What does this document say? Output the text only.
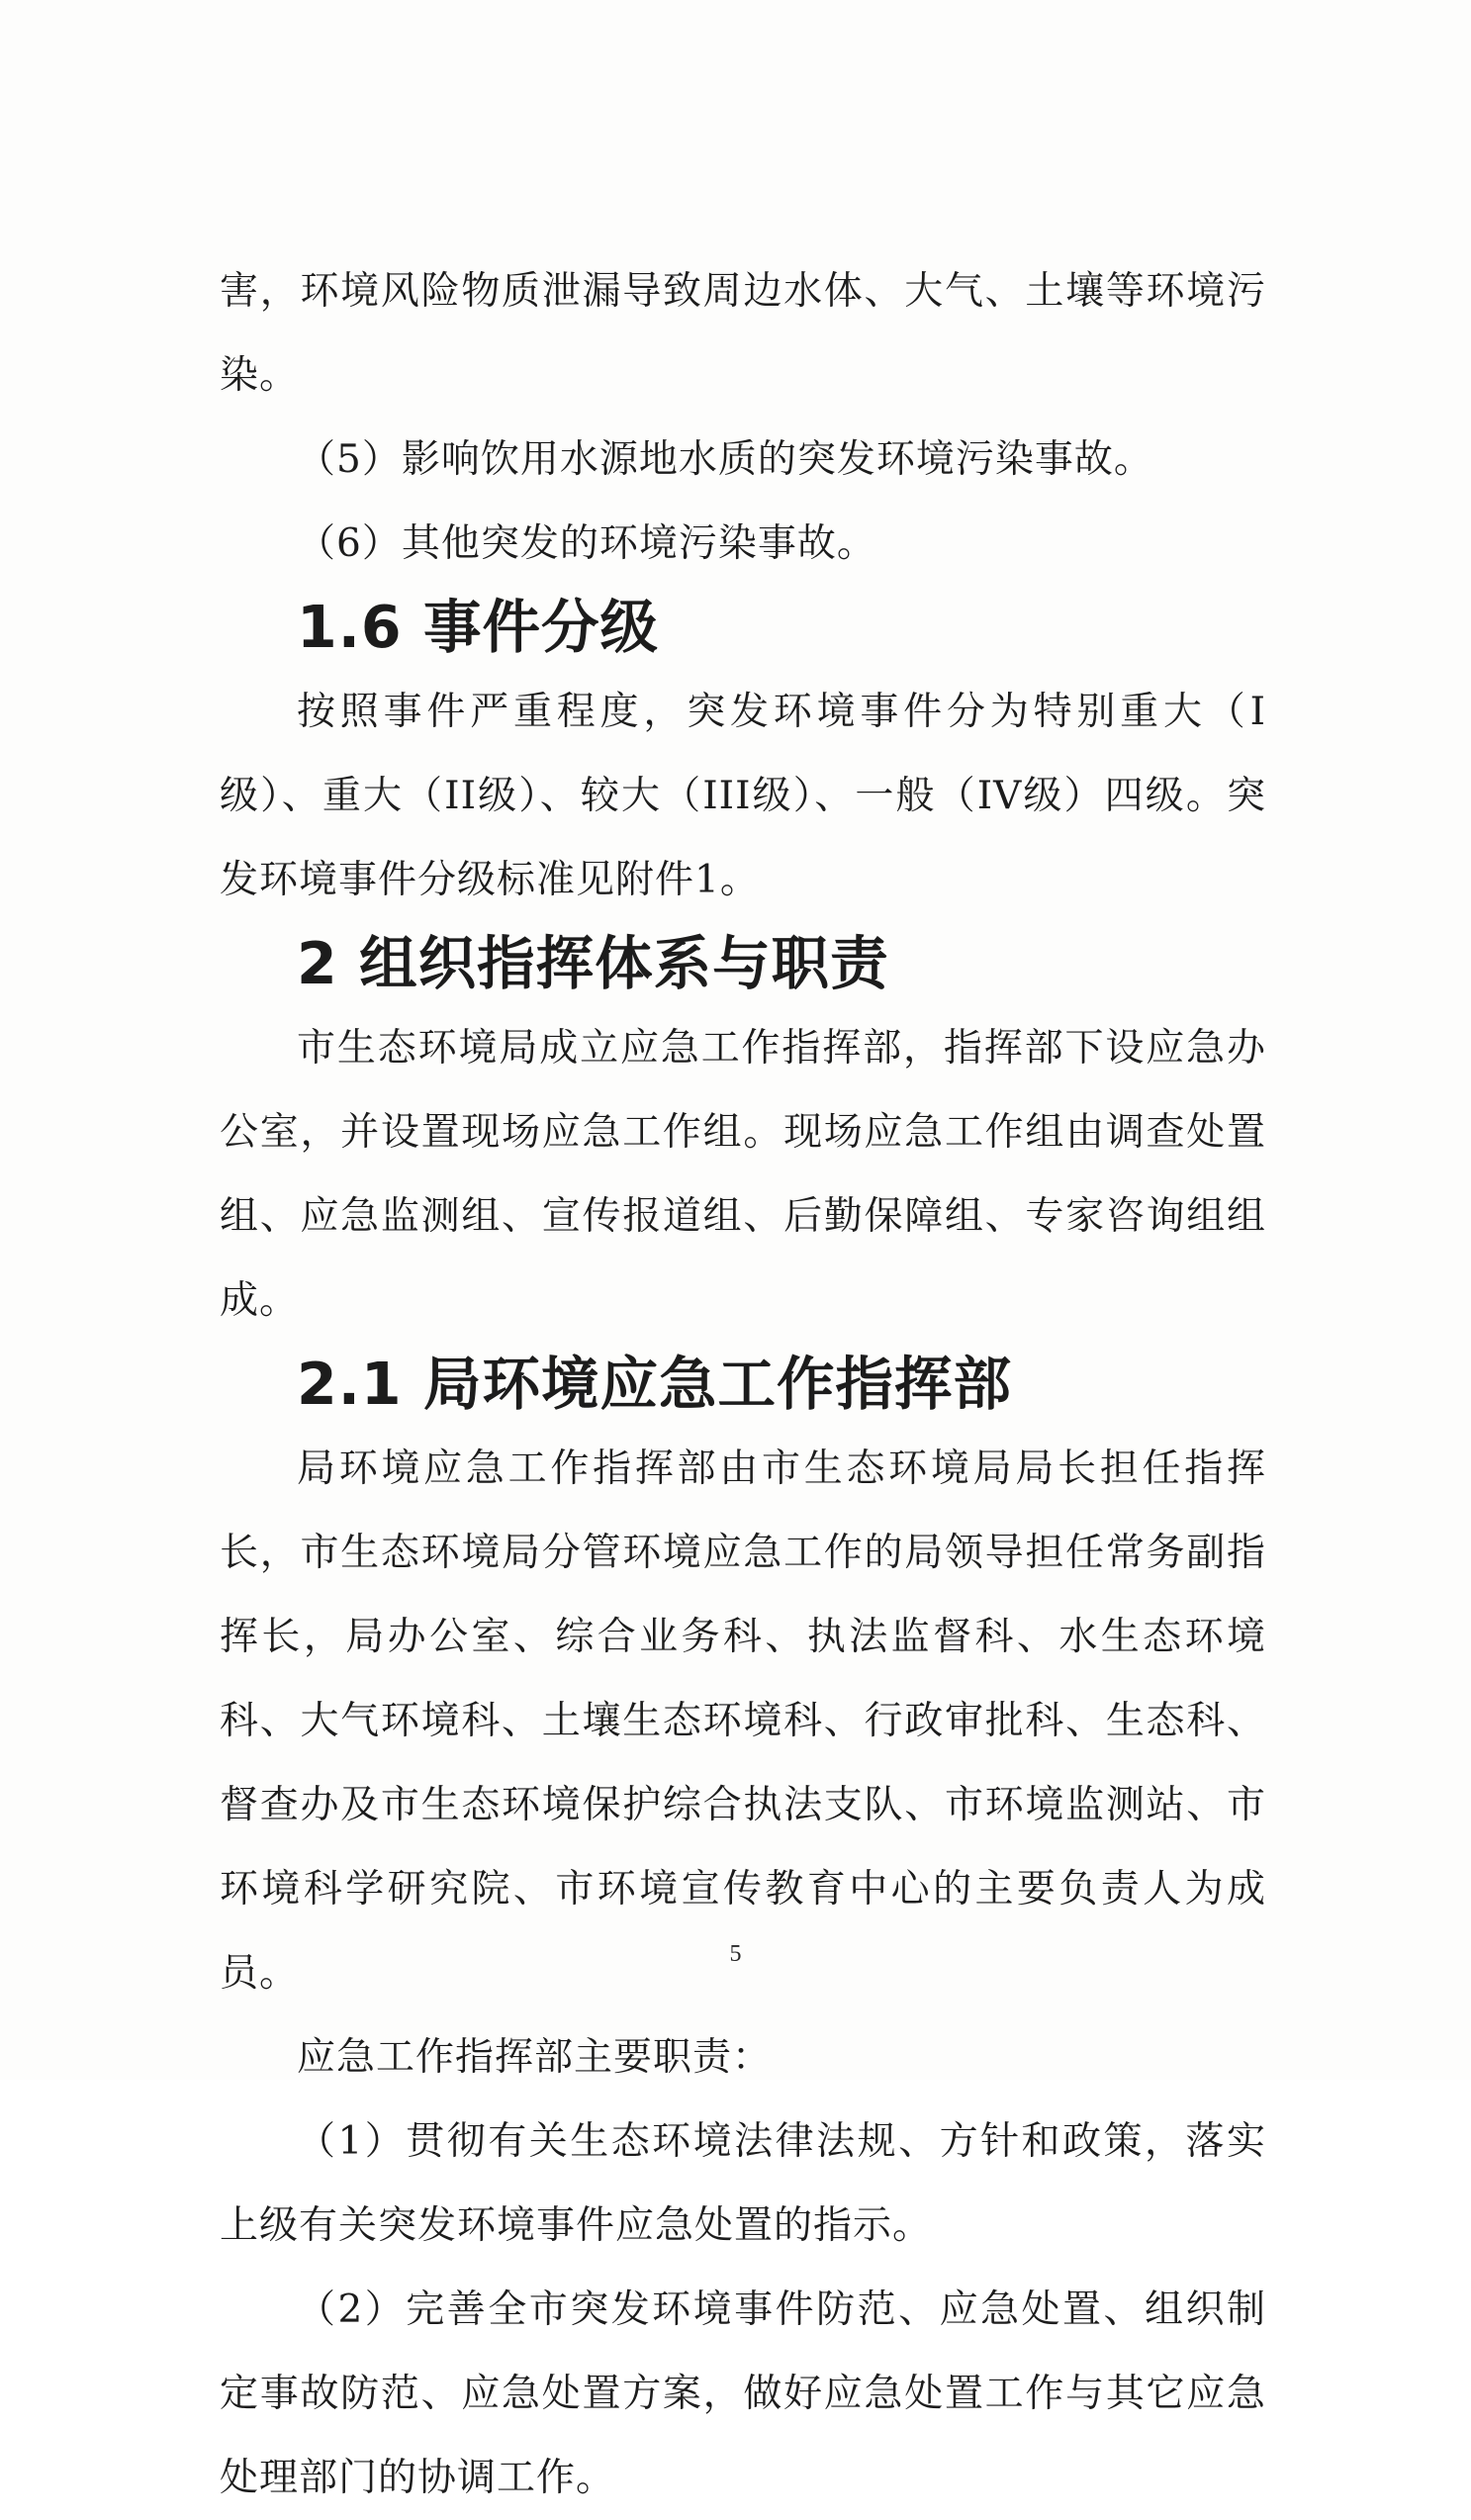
害，环境风险物质泄漏导致周边水体、大气、土壤等环境污染。

（5）影响饮用水源地水质的突发环境污染事故。

（6）其他突发的环境污染事故。

1.6 事件分级

按照事件严重程度，突发环境事件分为特别重大（I级）、重大（II级）、较大（III级）、一般（IV级）四级。突发环境事件分级标准见附件1。

2 组织指挥体系与职责

市生态环境局成立应急工作指挥部，指挥部下设应急办公室，并设置现场应急工作组。现场应急工作组由调查处置组、应急监测组、宣传报道组、后勤保障组、专家咨询组组成。

2.1 局环境应急工作指挥部

局环境应急工作指挥部由市生态环境局局长担任指挥长，市生态环境局分管环境应急工作的局领导担任常务副指挥长，局办公室、综合业务科、执法监督科、水生态环境科、大气环境科、土壤生态环境科、行政审批科、生态科、督查办及市生态环境保护综合执法支队、市环境监测站、市环境科学研究院、市环境宣传教育中心的主要负责人为成员。

应急工作指挥部主要职责：

（1）贯彻有关生态环境法律法规、方针和政策，落实上级有关突发环境事件应急处置的指示。

（2）完善全市突发环境事件防范、应急处置、组织制定事故防范、应急处置方案，做好应急处置工作与其它应急处理部门的协调工作。

5
